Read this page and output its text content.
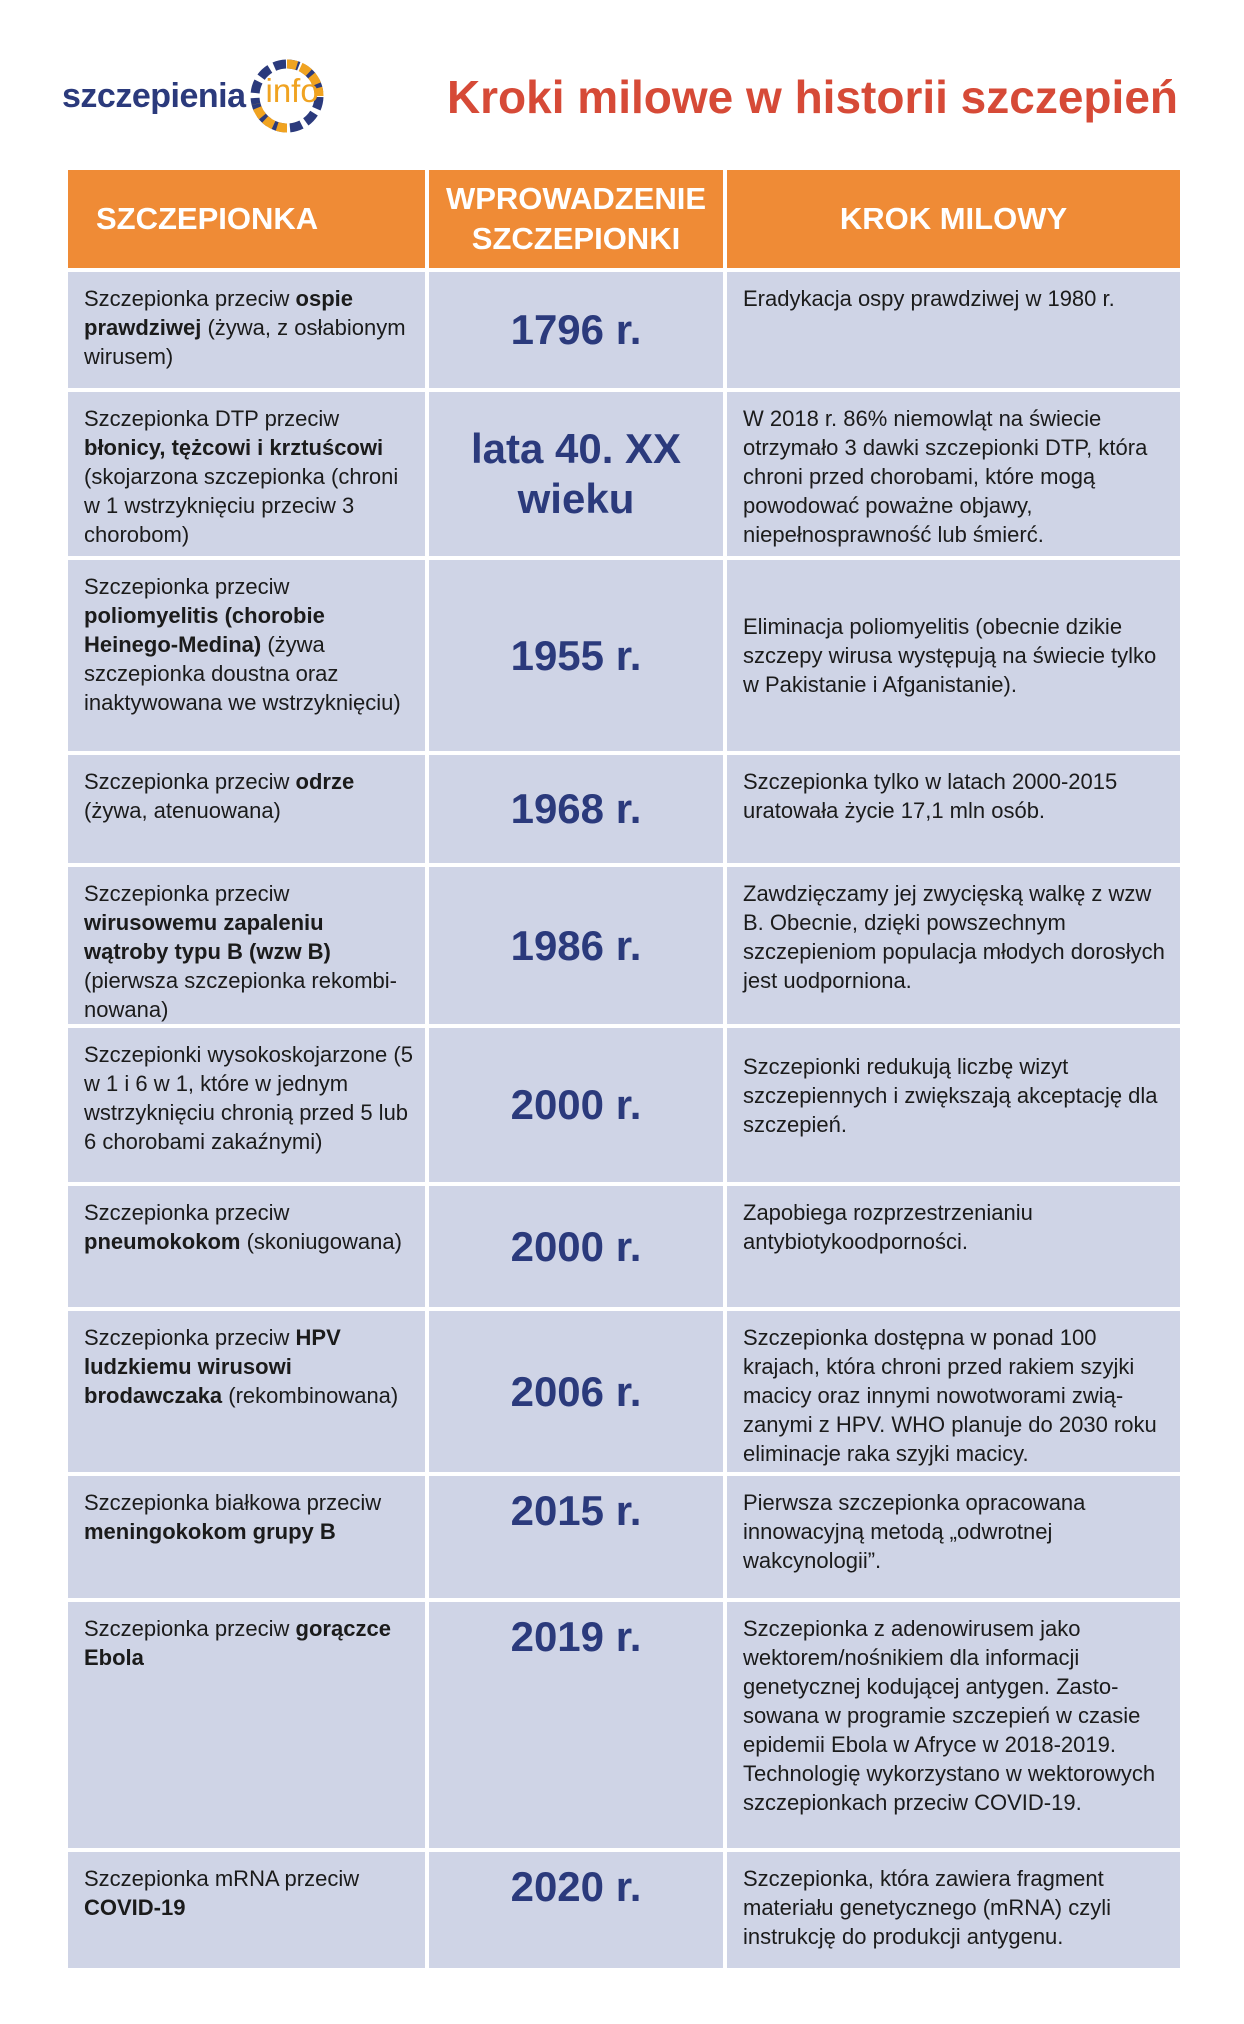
szczepienia info	Kroki milowe w historii szczepień
SZCZEPIONKA	WPROWADZENIE SZCZEPIONKI	KROK MILOWY
Szczepionka przeciw ospie prawdziwej (żywa, z osłabionym wirusem)	1796 r.	Eradykacja ospy prawdziwej w 1980 r.
Szczepionka DTP przeciw błonicy, tężcowi i krztuścowi (skojarzona szczepionka (chroni w 1 wstrzyknięciu przeciw 3 chorobom)	lata 40. XX wieku	W 2018 r. 86% niemowląt na świecie otrzymało 3 dawki szczepionki DTP, która chroni przed chorobami, które mogą powodować poważne objawy, niepełnosprawność lub śmierć.
Szczepionka przeciw poliomyelitis (chorobie Heinego-Medina) (żywa szczepionka doustna oraz inaktywowana we wstrzyknięciu)	1955 r.	Eliminacja poliomyelitis (obecnie dzikie szczepy wirusa występują na świecie tylko w Pakistanie i Afganistanie).
Szczepionka przeciw odrze (żywa, atenuowana)	1968 r.	Szczepionka tylko w latach 2000-2015 uratowała życie 17,1 mln osób.
Szczepionka przeciw wirusowemu zapaleniu wątroby typu B (wzw B) (pierwsza szczepionka rekombi-nowana)	1986 r.	Zawdzięczamy jej zwycięską walkę z wzw B. Obecnie, dzięki powszechnym szczepieniom populacja młodych dorosłych jest uodporniona.
Szczepionki wysokoskojarzone (5 w 1 i 6 w 1, które w jednym wstrzyknięciu chronią przed 5 lub 6 chorobami zakaźnymi)	2000 r.	Szczepionki redukują liczbę wizyt szczepiennych i zwiększają akceptację dla szczepień.
Szczepionka przeciw pneumokokom (skoniugowana)	2000 r.	Zapobiega rozprzestrzenianiu antybiotykoodporności.
Szczepionka przeciw HPV ludzkiemu wirusowi brodawczaka (rekombinowana)	2006 r.	Szczepionka dostępna w ponad 100 krajach, która chroni przed rakiem szyjki macicy oraz innymi nowotworami zwią-zanymi z HPV. WHO planuje do 2030 roku eliminacje raka szyjki macicy.
Szczepionka białkowa przeciw meningokokom grupy B	2015 r.	Pierwsza szczepionka opracowana innowacyjną metodą „odwrotnej wakcynologii”.
Szczepionka przeciw gorączce Ebola	2019 r.	Szczepionka z adenowirusem jako wektorem/nośnikiem dla informacji genetycznej kodującej antygen. Zasto-sowana w programie szczepień w czasie epidemii Ebola w Afryce w 2018-2019. Technologię wykorzystano w wektorowych szczepionkach przeciw COVID-19.
Szczepionka mRNA przeciw COVID-19	2020 r.	Szczepionka, która zawiera fragment materiału genetycznego (mRNA) czyli instrukcję do produkcji antygenu.
